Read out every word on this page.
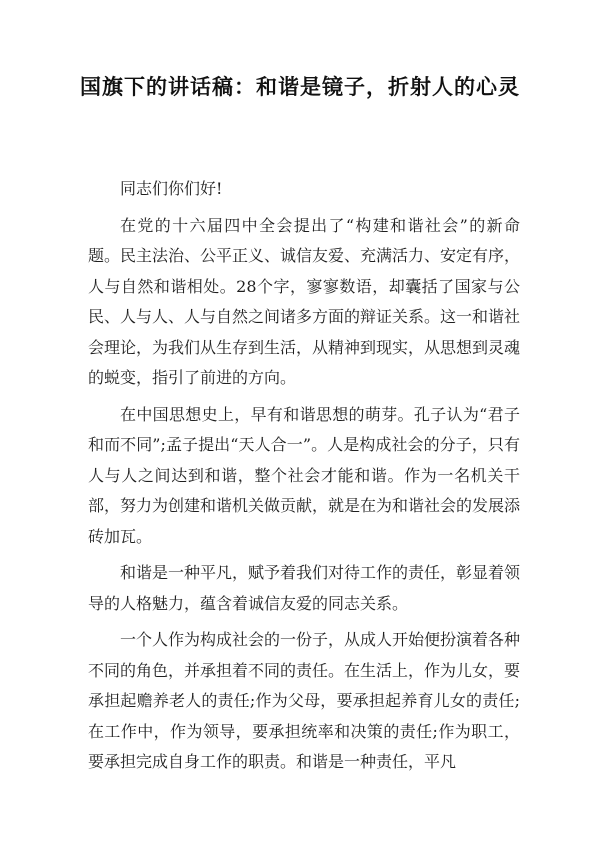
国旗下的讲话稿：和谐是镜子，折射人的心灵

同志们你们好!

在党的十六届四中全会提出了“构建和谐社会”的新命题。民主法治、公平正义、诚信友爱、充满活力、安定有序，人与自然和谐相处。28个字，寥寥数语，却囊括了国家与公民、人与人、人与自然之间诸多方面的辩证关系。这一和谐社会理论，为我们从生存到生活，从精神到现实，从思想到灵魂的蜕变，指引了前进的方向。

在中国思想史上，早有和谐思想的萌芽。孔子认为“君子和而不同”;孟子提出“天人合一”。人是构成社会的分子，只有人与人之间达到和谐，整个社会才能和谐。作为一名机关干部，努力为创建和谐机关做贡献，就是在为和谐社会的发展添砖加瓦。

和谐是一种平凡，赋予着我们对待工作的责任，彰显着领导的人格魅力，蕴含着诚信友爱的同志关系。

一个人作为构成社会的一份子，从成人开始便扮演着各种不同的角色，并承担着不同的责任。在生活上，作为儿女，要承担起赡养老人的责任;作为父母，要承担起养育儿女的责任;在工作中，作为领导，要承担统率和决策的责任;作为职工，要承担完成自身工作的职责。和谐是一种责任，平凡
